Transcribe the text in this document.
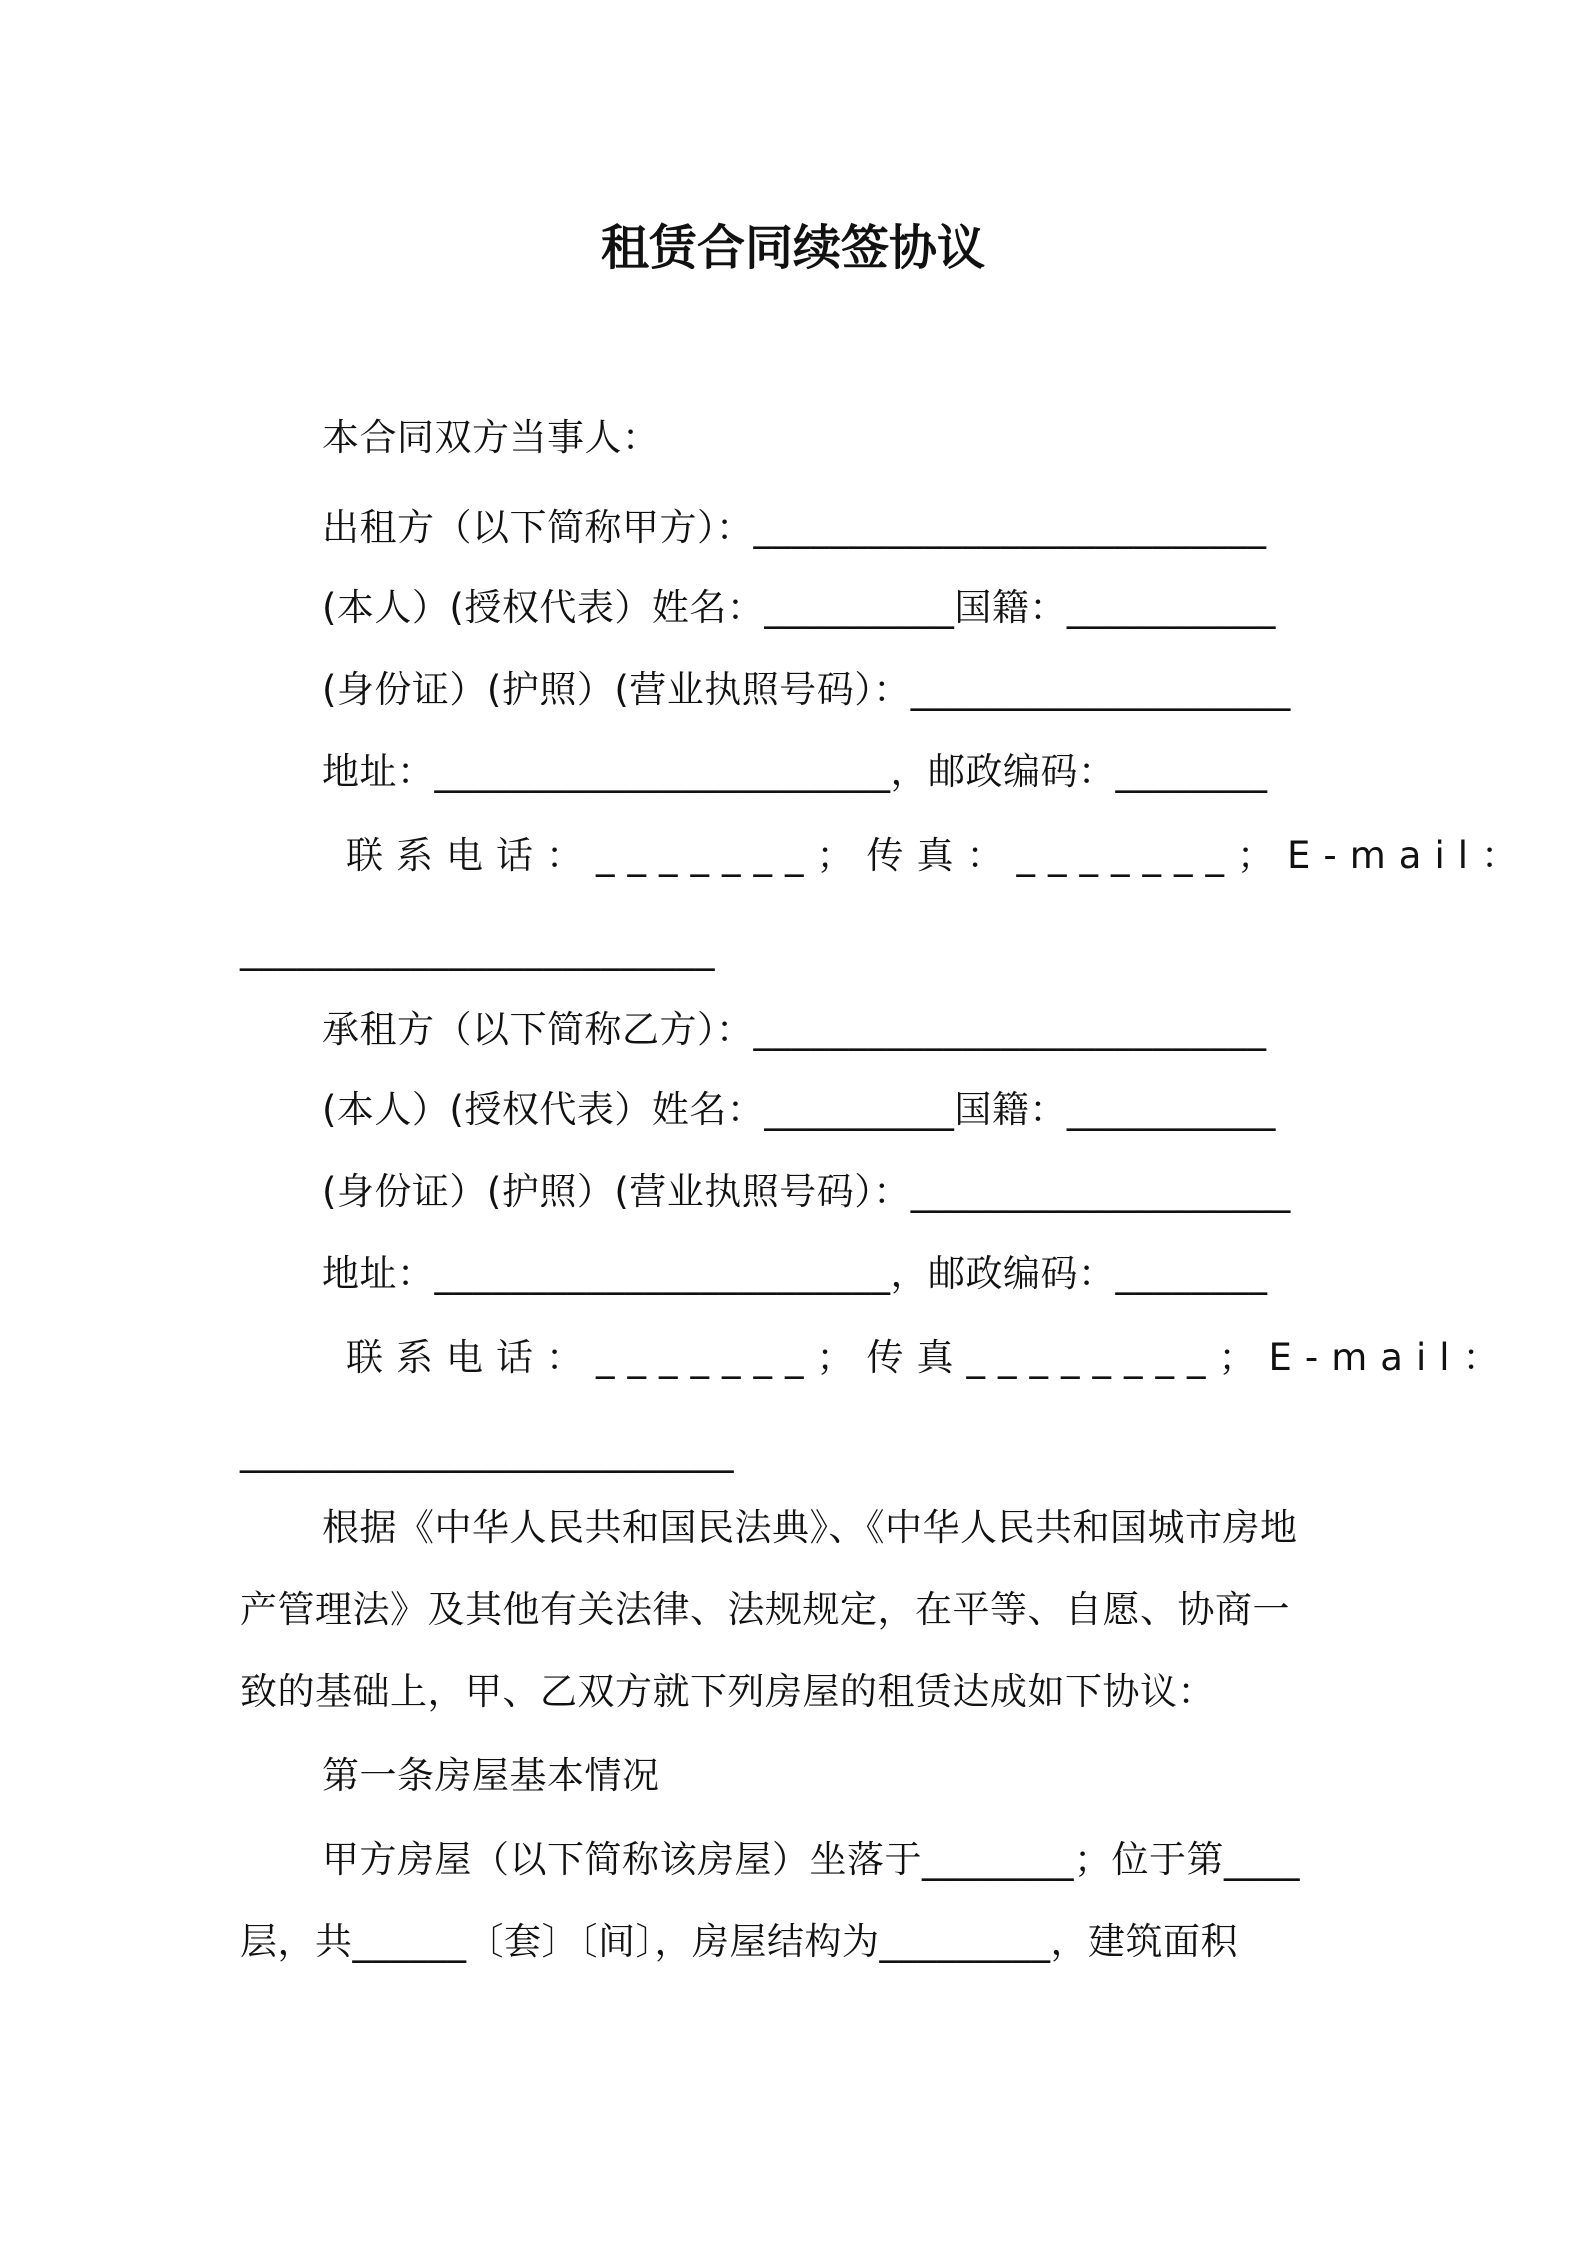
租赁合同续签协议
本合同双方当事人：
出租方（以下简称甲方）：___________________________
(本人）(授权代表）姓名：__________国籍：___________
(身份证）(护照）(营业执照号码）：____________________
地址：________________________，邮政编码：________
联系电话：_______；传真：_______；E-mail：
_________________________
承租方（以下简称乙方）：___________________________
(本人）(授权代表）姓名：__________国籍：___________
(身份证）(护照）(营业执照号码）：____________________
地址：________________________，邮政编码：________
联系电话：_______；传真________；E-mail：
__________________________
根据《中华人民共和国民法典》、《中华人民共和国城市房地
产管理法》及其他有关法律、法规规定，在平等、自愿、协商一
致的基础上，甲、乙双方就下列房屋的租赁达成如下协议：
第一条房屋基本情况
甲方房屋（以下简称该房屋）坐落于________；位于第____
层，共______〔套〕〔间〕，房屋结构为_________，建筑面积
